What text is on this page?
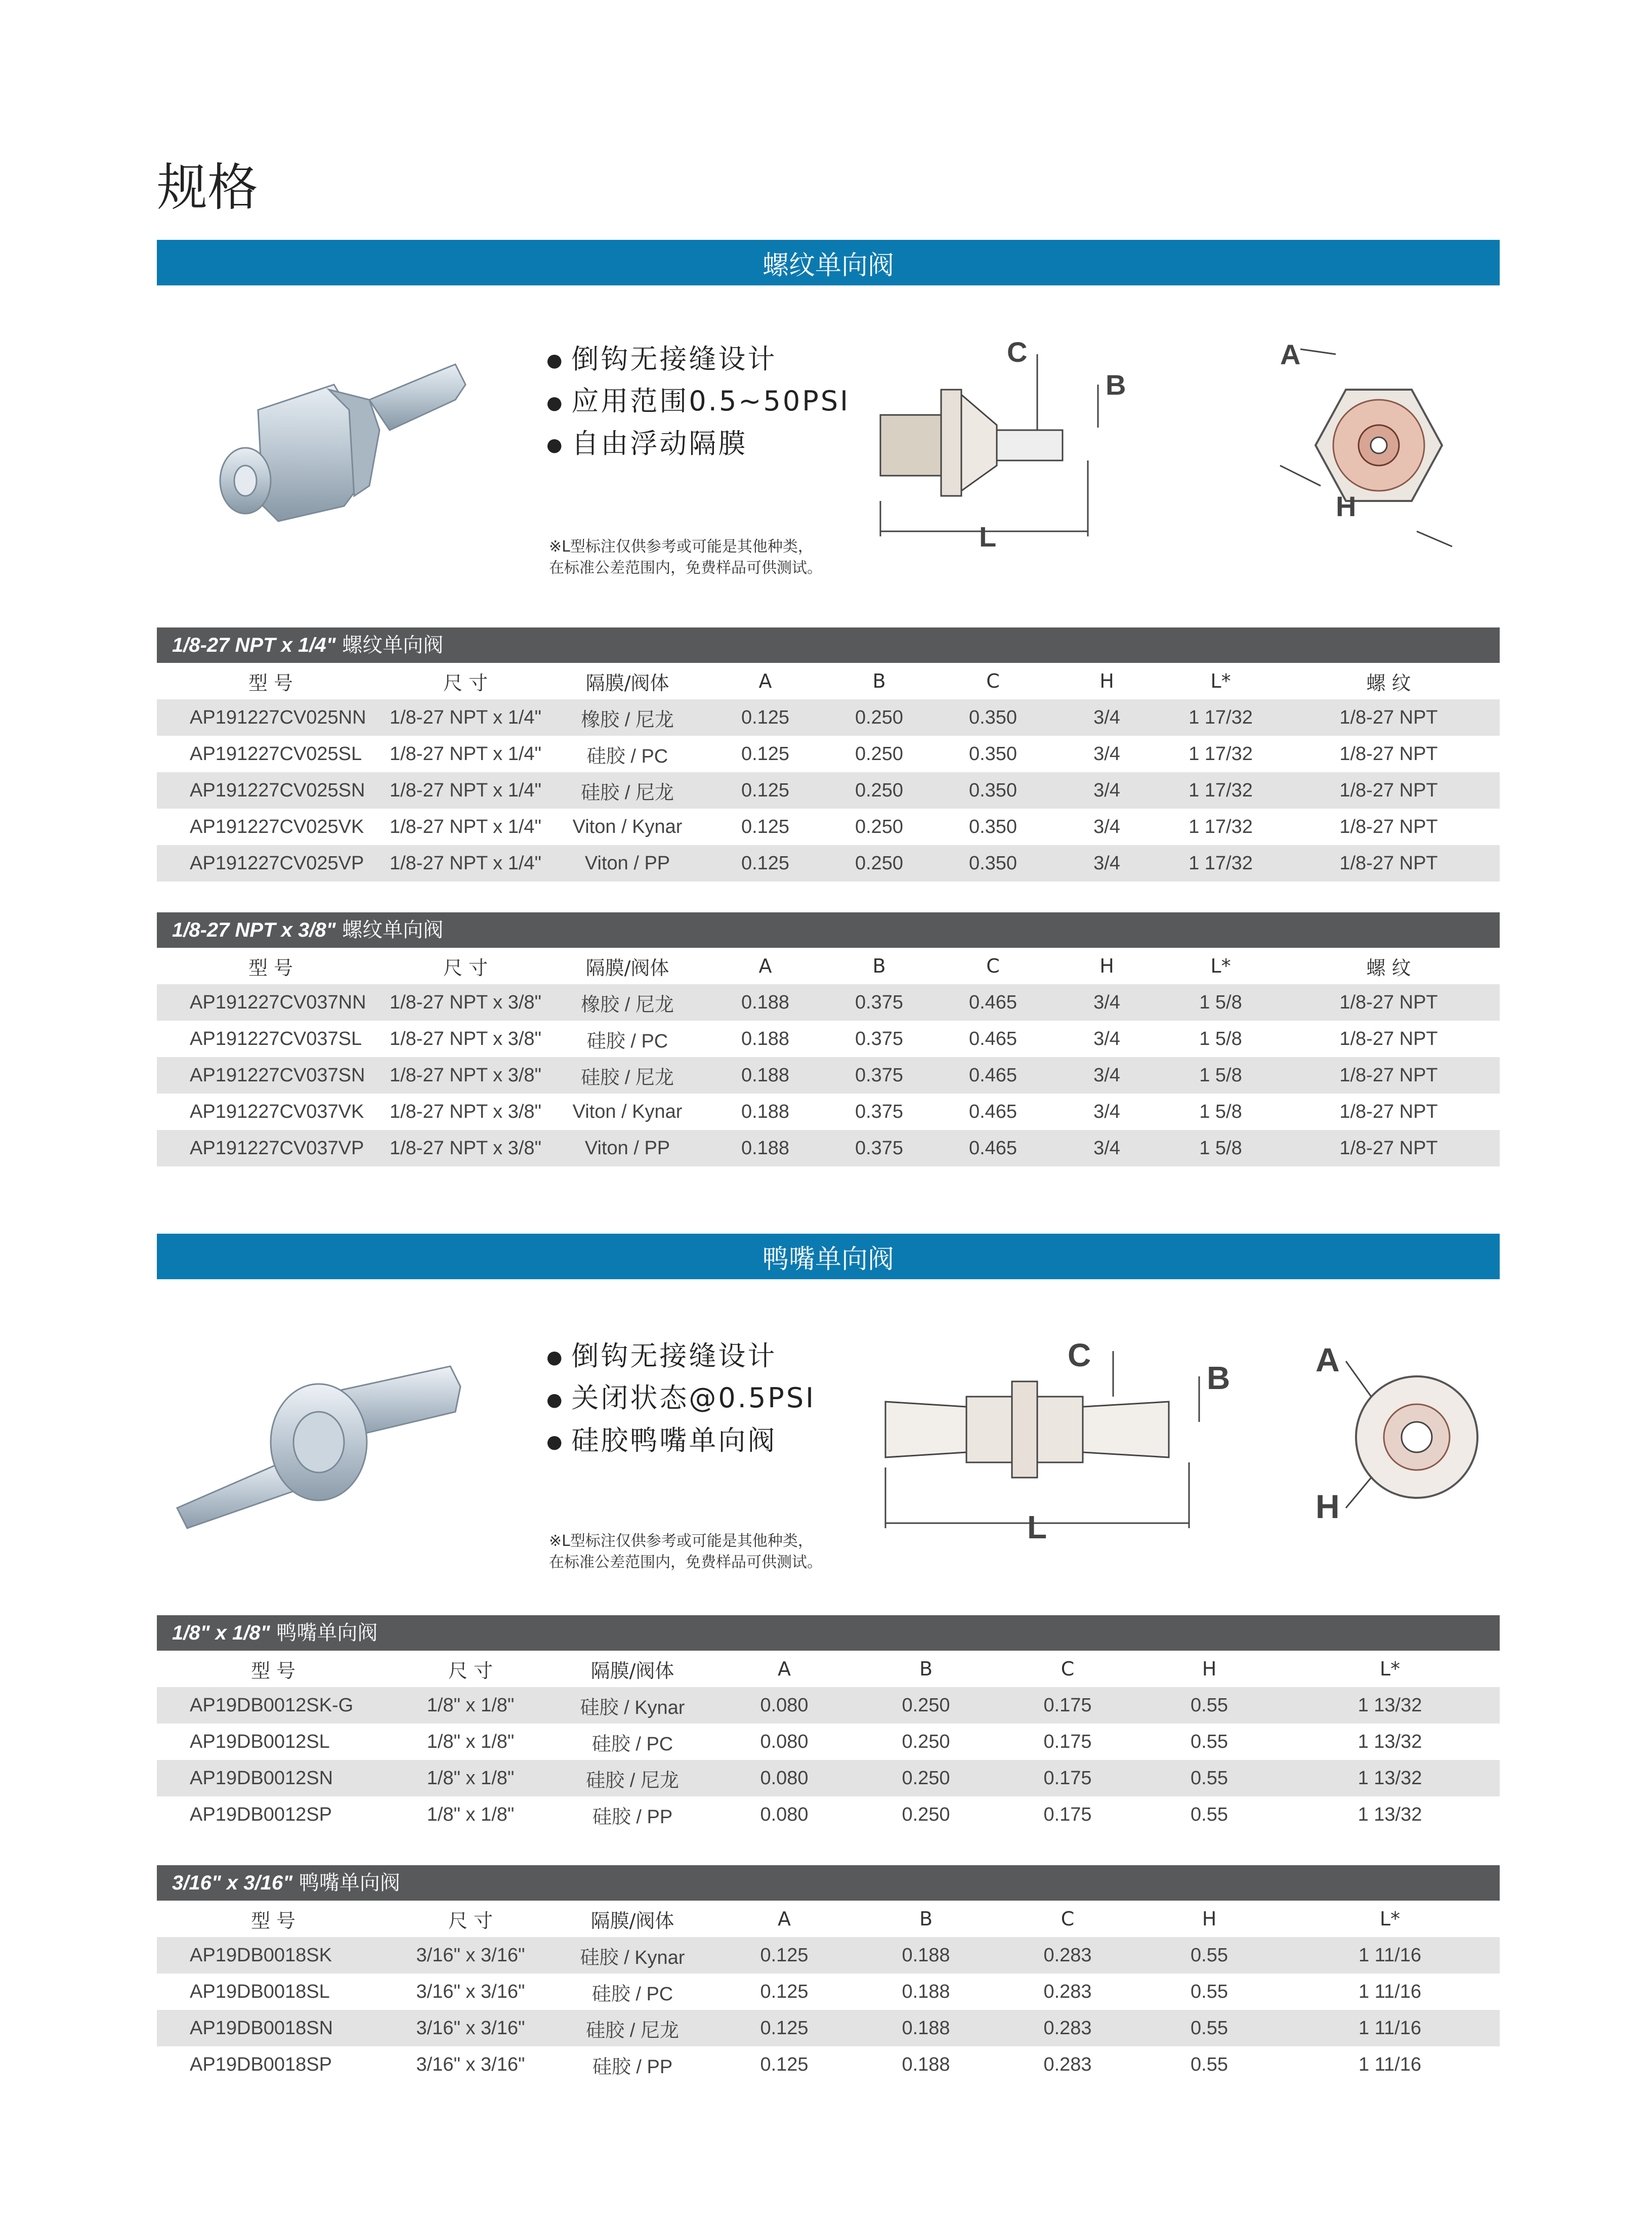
规格
螺纹单向阀
● 倒钩无接缝设计
● 应用范围0.5~50PSI
● 自由浮动隔膜
※L型标注仅供参考或可能是其他种类，
在标准公差范围内，免费样品可供测试。
C
B
L
A
H
1/8-27 NPT x 1/4" 螺纹单向阀
型 号	尺 寸	隔膜/阀体	A	B	C	H	L*	螺 纹
AP191227CV025NN	1/8-27 NPT x 1/4"	橡胶 / 尼龙	0.125	0.250	0.350	3/4	1 17/32	1/8-27 NPT
AP191227CV025SL	1/8-27 NPT x 1/4"	硅胶 / PC	0.125	0.250	0.350	3/4	1 17/32	1/8-27 NPT
AP191227CV025SN	1/8-27 NPT x 1/4"	硅胶 / 尼龙	0.125	0.250	0.350	3/4	1 17/32	1/8-27 NPT
AP191227CV025VK	1/8-27 NPT x 1/4"	Viton / Kynar	0.125	0.250	0.350	3/4	1 17/32	1/8-27 NPT
AP191227CV025VP	1/8-27 NPT x 1/4"	Viton / PP	0.125	0.250	0.350	3/4	1 17/32	1/8-27 NPT
1/8-27 NPT x 3/8" 螺纹单向阀
型 号	尺 寸	隔膜/阀体	A	B	C	H	L*	螺 纹
AP191227CV037NN	1/8-27 NPT x 3/8"	橡胶 / 尼龙	0.188	0.375	0.465	3/4	1 5/8	1/8-27 NPT
AP191227CV037SL	1/8-27 NPT x 3/8"	硅胶 / PC	0.188	0.375	0.465	3/4	1 5/8	1/8-27 NPT
AP191227CV037SN	1/8-27 NPT x 3/8"	硅胶 / 尼龙	0.188	0.375	0.465	3/4	1 5/8	1/8-27 NPT
AP191227CV037VK	1/8-27 NPT x 3/8"	Viton / Kynar	0.188	0.375	0.465	3/4	1 5/8	1/8-27 NPT
AP191227CV037VP	1/8-27 NPT x 3/8"	Viton / PP	0.188	0.375	0.465	3/4	1 5/8	1/8-27 NPT
鸭嘴单向阀
● 倒钩无接缝设计
● 关闭状态@0.5PSI
● 硅胶鸭嘴单向阀
※L型标注仅供参考或可能是其他种类，
在标准公差范围内，免费样品可供测试。
C
B
L
A
H
1/8" x 1/8" 鸭嘴单向阀
型 号	尺 寸	隔膜/阀体	A	B	C	H	L*
AP19DB0012SK-G	1/8" x 1/8"	硅胶 / Kynar	0.080	0.250	0.175	0.55	1 13/32
AP19DB0012SL	1/8" x 1/8"	硅胶 / PC	0.080	0.250	0.175	0.55	1 13/32
AP19DB0012SN	1/8" x 1/8"	硅胶 / 尼龙	0.080	0.250	0.175	0.55	1 13/32
AP19DB0012SP	1/8" x 1/8"	硅胶 / PP	0.080	0.250	0.175	0.55	1 13/32
3/16" x 3/16" 鸭嘴单向阀
型 号	尺 寸	隔膜/阀体	A	B	C	H	L*
AP19DB0018SK	3/16" x 3/16"	硅胶 / Kynar	0.125	0.188	0.283	0.55	1 11/16
AP19DB0018SL	3/16" x 3/16"	硅胶 / PC	0.125	0.188	0.283	0.55	1 11/16
AP19DB0018SN	3/16" x 3/16"	硅胶 / 尼龙	0.125	0.188	0.283	0.55	1 11/16
AP19DB0018SP	3/16" x 3/16"	硅胶 / PP	0.125	0.188	0.283	0.55	1 11/16
